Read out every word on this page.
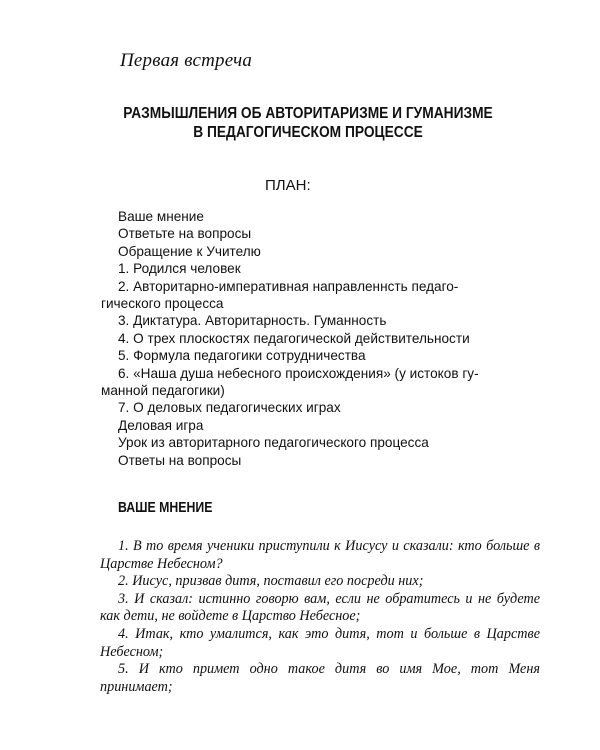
Первая встреча
РАЗМЫШЛЕНИЯ ОБ АВТОРИТАРИЗМЕ И ГУМАНИЗМЕ
В ПЕДАГОГИЧЕСКОМ ПРОЦЕССЕ
ПЛАН:
Ваше мнение
Ответьте на вопросы
Обращение к Учителю
1. Родился человек
2. Авторитарно-императивная направленнсть педаго-
гического процесса
3. Диктатура. Авторитарность. Гуманность
4. О трех плоскостях педагогической действительности
5. Формула педагогики сотрудничества
6. «Наша душа небесного происхождения» (у истоков гу-
манной педагогики)
7. О деловых педагогических играх
Деловая игра
Урок из авторитарного педагогического процесса
Ответы на вопросы
ВАШЕ МНЕНИЕ

1. В то время ученики приступили к Иисусу и сказали: кто больше в Царстве Небесном?

2. Иисус, призвав дитя, поставил его посреди них;

3. И сказал: истинно говорю вам, если не обратитесь и не будете как дети, не войдете в Царство Небесное;

4. Итак, кто умалится, как это дитя, тот и больше в Царстве Небесном;

5. И кто примет одно такое дитя во имя Мое, тот Меня принимает;
